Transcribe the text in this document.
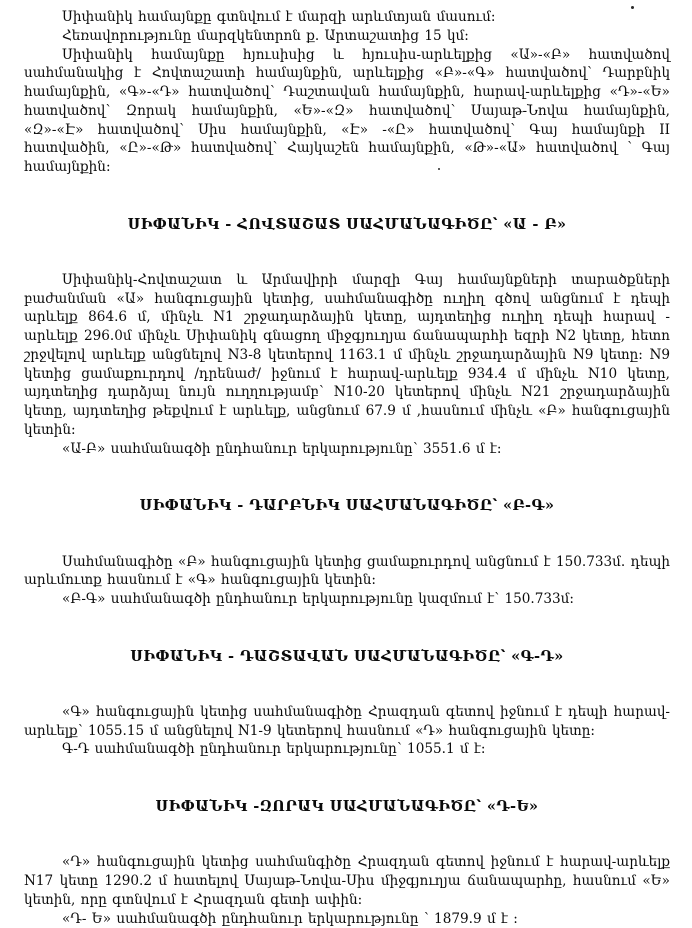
Սիփանիկ համայնքը գտնվում է մարզի արևմտյան մասում:

Հեռավորությունը մարզկենտրոն ք. Արտաշատից 15 կմ:

Սիփանիկ համայնքը հյուսիսից և հյուսիս-արևելքից «Ա»-«Բ» հատվածով սահմանակից է Հովտաշատի համայնքին, արևելքից «Բ»-«Գ» հատվածով՝ Դարբնիկ համայնքին, «Գ»-«Դ» հատվածով՝ Դաշտավան համայնքին, հարավ-արևելքից «Դ»-«Ե» հատվածով՝ Զորակ համայնքին, «Ե»-«Զ» հատվածով՝ Սայաթ-Նովա համայնքին, «Զ»-«Է» հատվածով՝ Սիս համայնքին, «Է» -«Ը» հատվածով՝ Գայ համայնքի II հատվածին, «Ը»-«Թ» հատվածով՝ Հայկաշեն համայնքին, «Թ»-«Ա» հատվածով ՝ Գայ համայնքին:

ՍԻՓԱՆԻԿ - ՀՈՎՏԱՇԱՏ ՍԱՀՄԱՆԱԳԻԾԸ՝ «Ա - Բ»

Սիփանիկ-Հովտաշատ և Արմավիրի մարզի Գայ համայնքների տարածքների բաժանման «Ա» հանգուցային կետից, սահմանագիծը ուղիղ գծով անցնում է դեպի արևելք 864.6 մ, մինչև N1 շրջադարձային կետը, այդտեղից ուղիղ դեպի հարավ - արևելք 296.0մ մինչև Սիփանիկ գնացող միջգյուղյա ճանապարհի եզրի N2 կետը, հետո շրջվելով արևելք անցնելով N3-8 կետերով 1163.1 մ մինչև շրջադարձային N9 կետը: N9 կետից ցամաքուրդով /դրենաժ/ իջնում է հարավ-արևելք 934.4 մ մինչև N10 կետը, այդտեղից դարձյալ նույն ուղղությամբ՝ N10-20 կետերով մինչև N21 շրջադարձային կետը, այդտեղից թեքվում է արևելք, անցնում 67.9 մ ,հասնում մինչև «Բ» հանգուցային կետին:

«Ա-Բ» սահմանագծի ընդհանուր երկարությունը՝ 3551.6 մ է:

ՍԻՓԱՆԻԿ - ԴԱՐԲՆԻԿ ՍԱՀՄԱՆԱԳԻԾԸ՝ «Բ-Գ»

Սահմանագիծը «Բ» հանգուցային կետից ցամաքուրդով անցնում է 150.733մ. դեպի արևմուտք հասնում է «Գ» հանգուցային կետին:

«Բ-Գ» սահմանագծի ընդհանուր երկարությունը կազմում է՝ 150.733մ:

ՍԻՓԱՆԻԿ - ԴԱՇՏԱՎԱՆ ՍԱՀՄԱՆԱԳԻԾԸ՝ «Գ-Դ»

«Գ» հանգուցային կետից սահմանագիծը Հրազդան գետով իջնում է դեպի հարավ-արևելք՝ 1055.15 մ անցնելով N1-9 կետերով հասնում «Դ» հանգուցային կետը:

Գ-Դ սահմանագծի ընդհանուր երկարությունը՝ 1055.1 մ է:

ՍԻՓԱՆԻԿ -ԶՈՐԱԿ ՍԱՀՄԱՆԱԳԻԾԸ՝ «Դ-Ե»

«Դ» հանգուցային կետից սահմանգիծը Հրազդան գետով իջնում է հարավ-արևելք N17 կետը 1290.2 մ հատելով Սայաթ-Նովա-Սիս միջգյուղյա ճանապարհը, հասնում «Ե» կետին, որը գտնվում է Հրազդան գետի ափին:

«Դ- Ե» սահմանագծի ընդհանուր երկարությունը ՝ 1879.9 մ է :
